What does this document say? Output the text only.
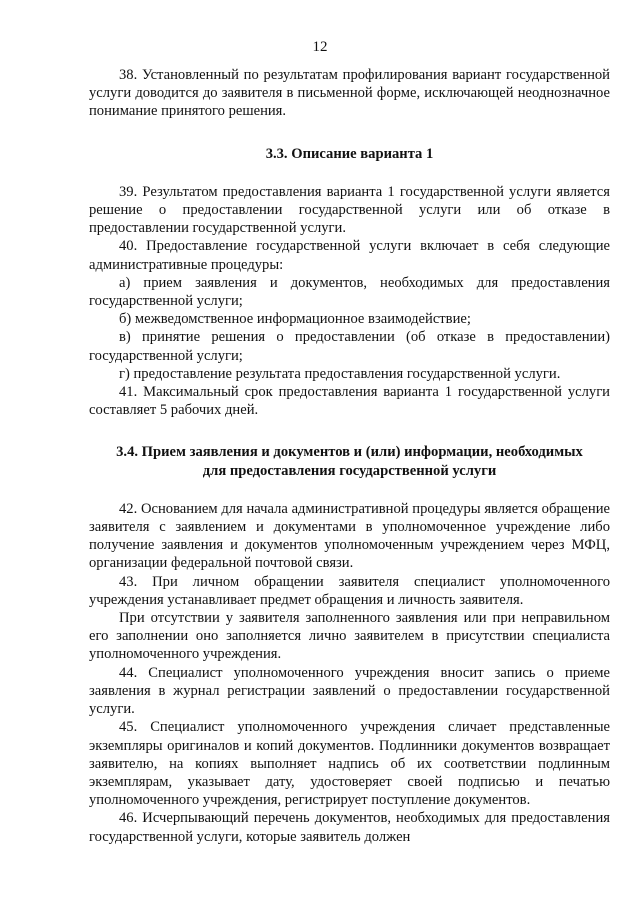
12

38. Установленный по результатам профилирования вариант государственной услуги доводится до заявителя в письменной форме, исключающей неоднозначное понимание принятого решения.

3.3. Описание варианта 1

39. Результатом предоставления варианта 1 государственной услуги является решение о предоставлении государственной услуги или об отказе в предоставлении государственной услуги.

40. Предоставление государственной услуги включает в себя следующие административные процедуры:

а) прием заявления и документов, необходимых для предоставления государственной услуги;

б) межведомственное информационное взаимодействие;

в) принятие решения о предоставлении (об отказе в предоставлении) государственной услуги;

г) предоставление результата предоставления государственной услуги.

41. Максимальный срок предоставления варианта 1 государственной услуги составляет 5 рабочих дней.

3.4. Прием заявления и документов и (или) информации, необходимых

для предоставления государственной услуги

42. Основанием для начала административной процедуры является обращение заявителя с заявлением и документами в уполномоченное учреждение либо получение заявления и документов уполномоченным учреждением через МФЦ, организации федеральной почтовой связи.

43. При личном обращении заявителя специалист уполномоченного учреждения устанавливает предмет обращения и личность заявителя.

При отсутствии у заявителя заполненного заявления или при неправильном его заполнении оно заполняется лично заявителем в присутствии специалиста уполномоченного учреждения.

44. Специалист уполномоченного учреждения вносит запись о приеме заявления в журнал регистрации заявлений о предоставлении государственной услуги.

45. Специалист уполномоченного учреждения сличает представленные экземпляры оригиналов и копий документов. Подлинники документов возвращает заявителю, на копиях выполняет надпись об их соответствии подлинным экземплярам, указывает дату, удостоверяет своей подписью и печатью уполномоченного учреждения, регистрирует поступление документов.

46. Исчерпывающий перечень документов, необходимых для предоставления государственной услуги, которые заявитель должен
